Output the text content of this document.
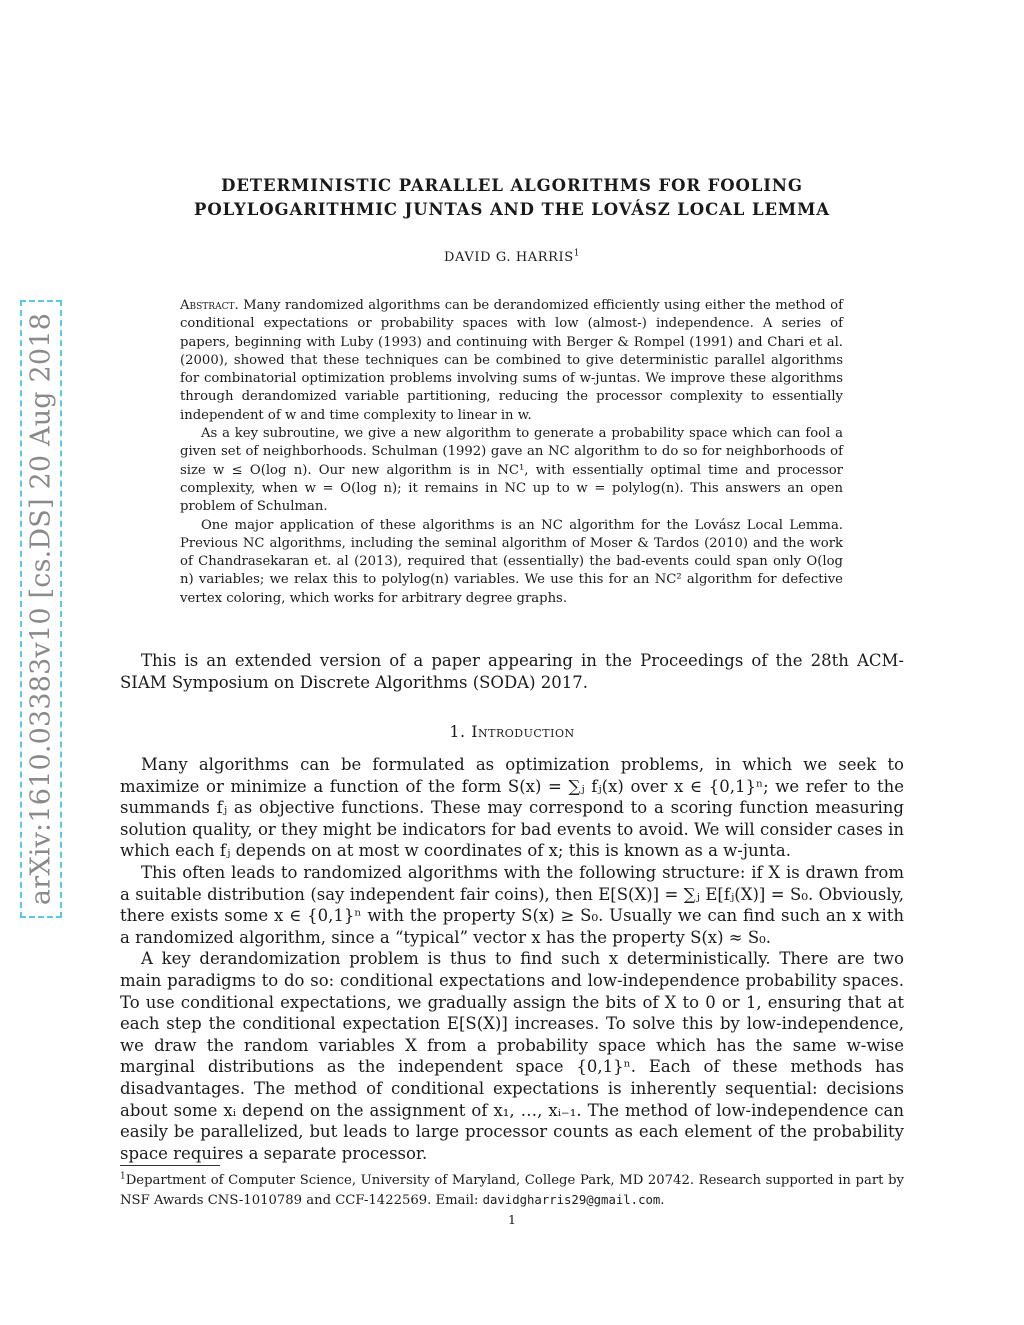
arXiv:1610.03383v10 [cs.DS] 20 Aug 2018
DETERMINISTIC PARALLEL ALGORITHMS FOR FOOLING
POLYLOGARITHMIC JUNTAS AND THE LOVÁSZ LOCAL LEMMA
DAVID G. HARRIS$^1$

Abstract. Many randomized algorithms can be derandomized efficiently using either the method of conditional expectations or probability spaces with low (almost-) independence. A series of papers, beginning with Luby (1993) and continuing with Berger & Rompel (1991) and Chari et al. (2000), showed that these techniques can be combined to give deterministic parallel algorithms for combinatorial optimization problems involving sums of w-juntas. We improve these algorithms through derandomized variable partitioning, reducing the processor complexity to essentially independent of w and time complexity to linear in w.

As a key subroutine, we give a new algorithm to generate a probability space which can fool a given set of neighborhoods. Schulman (1992) gave an NC algorithm to do so for neighborhoods of size w ≤ O(log n). Our new algorithm is in NC¹, with essentially optimal time and processor complexity, when w = O(log n); it remains in NC up to w = polylog(n). This answers an open problem of Schulman.

One major application of these algorithms is an NC algorithm for the Lovász Local Lemma. Previous NC algorithms, including the seminal algorithm of Moser & Tardos (2010) and the work of Chandrasekaran et. al (2013), required that (essentially) the bad-events could span only O(log n) variables; we relax this to polylog(n) variables. We use this for an NC² algorithm for defective vertex coloring, which works for arbitrary degree graphs.

This is an extended version of a paper appearing in the Proceedings of the 28th ACM-SIAM Symposium on Discrete Algorithms (SODA) 2017.

1. Introduction

Many algorithms can be formulated as optimization problems, in which we seek to maximize or minimize a function of the form S(x) = ∑ⱼ fⱼ(x) over x ∈ {0,1}ⁿ; we refer to the summands fⱼ as objective functions. These may correspond to a scoring function measuring solution quality, or they might be indicators for bad events to avoid. We will consider cases in which each fⱼ depends on at most w coordinates of x; this is known as a w-junta.

This often leads to randomized algorithms with the following structure: if X is drawn from a suitable distribution (say independent fair coins), then E[S(X)] = ∑ⱼ E[fⱼ(X)] = S₀. Obviously, there exists some x ∈ {0,1}ⁿ with the property S(x) ≥ S₀. Usually we can find such an x with a randomized algorithm, since a “typical” vector x has the property S(x) ≈ S₀.

A key derandomization problem is thus to find such x deterministically. There are two main paradigms to do so: conditional expectations and low-independence probability spaces. To use conditional expectations, we gradually assign the bits of X to 0 or 1, ensuring that at each step the conditional expectation E[S(X)] increases. To solve this by low-independence, we draw the random variables X from a probability space which has the same w-wise marginal distributions as the independent space {0,1}ⁿ. Each of these methods has disadvantages. The method of conditional expectations is inherently sequential: decisions about some xᵢ depend on the assignment of x₁, …, xᵢ₋₁. The method of low-independence can easily be parallelized, but leads to large processor counts as each element of the probability space requires a separate processor.

$^1$Department of Computer Science, University of Maryland, College Park, MD 20742. Research supported in part by NSF Awards CNS-1010789 and CCF-1422569. Email: davidgharris29@gmail.com.

1
